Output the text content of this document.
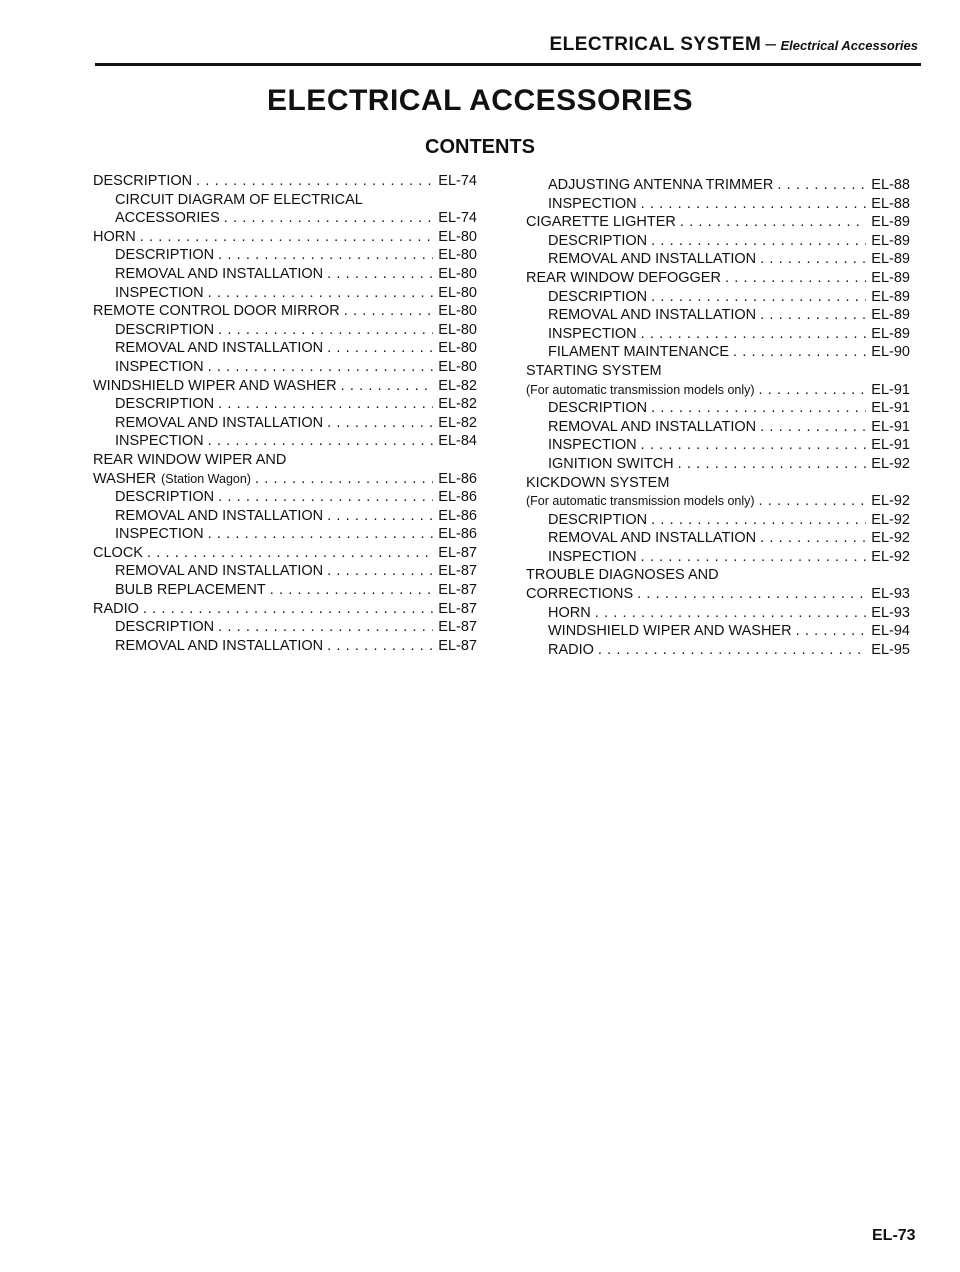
ELECTRICAL SYSTEM – Electrical Accessories
ELECTRICAL ACCESSORIES
CONTENTS
DESCRIPTION . . .	EL-74
CIRCUIT DIAGRAM OF ELECTRICAL
ACCESSORIES . . .	EL-74
HORN . . .	EL-80
DESCRIPTION . . .	EL-80
REMOVAL AND INSTALLATION . . .	EL-80
INSPECTION . . .	EL-80
REMOTE CONTROL DOOR MIRROR . . .	EL-80
DESCRIPTION . . .	EL-80
REMOVAL AND INSTALLATION . . .	EL-80
INSPECTION . . .	EL-80
WINDSHIELD WIPER AND WASHER . . .	EL-82
DESCRIPTION . . .	EL-82
REMOVAL AND INSTALLATION . . .	EL-82
INSPECTION . . .	EL-84
REAR WINDOW WIPER AND
WASHER (Station Wagon) . . .	EL-86
DESCRIPTION . . .	EL-86
REMOVAL AND INSTALLATION . . .	EL-86
INSPECTION . . .	EL-86
CLOCK . . .	EL-87
REMOVAL AND INSTALLATION . . .	EL-87
BULB REPLACEMENT . . .	EL-87
RADIO . . .	EL-87
DESCRIPTION . . .	EL-87
REMOVAL AND INSTALLATION . . .	EL-87
ADJUSTING ANTENNA TRIMMER . . .	EL-88
INSPECTION . . .	EL-88
CIGARETTE LIGHTER . . .	EL-89
DESCRIPTION . . .	EL-89
REMOVAL AND INSTALLATION . . .	EL-89
REAR WINDOW DEFOGGER . . .	EL-89
DESCRIPTION . . .	EL-89
REMOVAL AND INSTALLATION . . .	EL-89
INSPECTION . . .	EL-89
FILAMENT MAINTENANCE . . .	EL-90
STARTING SYSTEM
(For automatic transmission models only) . . .	EL-91
DESCRIPTION . . .	EL-91
REMOVAL AND INSTALLATION . . .	EL-91
INSPECTION . . .	EL-91
IGNITION SWITCH . . .	EL-92
KICKDOWN SYSTEM
(For automatic transmission models only) . . .	EL-92
DESCRIPTION . . .	EL-92
REMOVAL AND INSTALLATION . . .	EL-92
INSPECTION . . .	EL-92
TROUBLE DIAGNOSES AND
CORRECTIONS . . .	EL-93
HORN . . .	EL-93
WINDSHIELD WIPER AND WASHER . . .	EL-94
RADIO . . .	EL-95
EL-73
